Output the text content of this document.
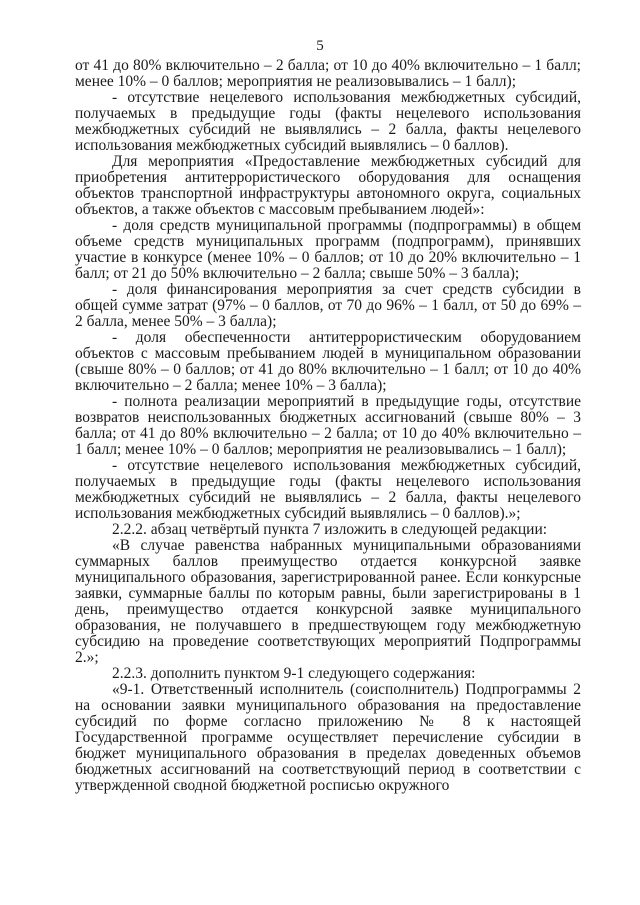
5

от 41 до 80% включительно – 2 балла; от 10 до 40% включительно – 1 балл; менее 10% – 0 баллов; мероприятия не реализовывались – 1 балл);

- отсутствие нецелевого использования межбюджетных субсидий, получаемых в предыдущие годы (факты нецелевого использования межбюджетных субсидий не выявлялись – 2 балла, факты нецелевого использования межбюджетных субсидий выявлялись – 0 баллов).

Для мероприятия «Предоставление межбюджетных субсидий для приобретения антитеррористического оборудования для оснащения объектов транспортной инфраструктуры автономного округа, социальных объектов, а также объектов с массовым пребыванием людей»:

- доля средств муниципальной программы (подпрограммы) в общем объеме средств муниципальных программ (подпрограмм), принявших участие в конкурсе (менее 10% – 0 баллов; от 10 до 20% включительно – 1 балл; от 21 до 50% включительно – 2 балла; свыше 50% – 3 балла);

- доля финансирования мероприятия за счет средств субсидии в общей сумме затрат (97% – 0 баллов, от 70 до 96% – 1 балл, от 50 до 69% – 2 балла, менее 50% – 3 балла);

- доля обеспеченности антитеррористическим оборудованием объектов с массовым пребыванием людей в муниципальном образовании (свыше 80% – 0 баллов; от 41 до 80% включительно – 1 балл; от 10 до 40% включительно – 2 балла; менее 10% – 3 балла);

- полнота реализации мероприятий в предыдущие годы, отсутствие возвратов неиспользованных бюджетных ассигнований (свыше 80% – 3 балла; от 41 до 80% включительно – 2 балла; от 10 до 40% включительно – 1 балл; менее 10% – 0 баллов; мероприятия не реализовывались – 1 балл);

- отсутствие нецелевого использования межбюджетных субсидий, получаемых в предыдущие годы (факты нецелевого использования межбюджетных субсидий не выявлялись – 2 балла, факты нецелевого использования межбюджетных субсидий выявлялись – 0 баллов).»;

2.2.2. абзац четвёртый пункта 7 изложить в следующей редакции:

«В случае равенства набранных муниципальными образованиями суммарных баллов преимущество отдается конкурсной заявке муниципального образования, зарегистрированной ранее. Если конкурсные заявки, суммарные баллы по которым равны, были зарегистрированы в 1 день, преимущество отдается конкурсной заявке муниципального образования, не получавшего в предшествующем году межбюджетную субсидию на проведение соответствующих мероприятий Подпрограммы 2.»;

2.2.3. дополнить пунктом 9-1 следующего содержания:

«9-1. Ответственный исполнитель (соисполнитель) Подпрограммы 2 на основании заявки муниципального образования на предоставление субсидий по форме согласно приложению № 8 к настоящей Государственной программе осуществляет перечисление субсидии в бюджет муниципального образования в пределах доведенных объемов бюджетных ассигнований на соответствующий период в соответствии с утвержденной сводной бюджетной росписью окружного
